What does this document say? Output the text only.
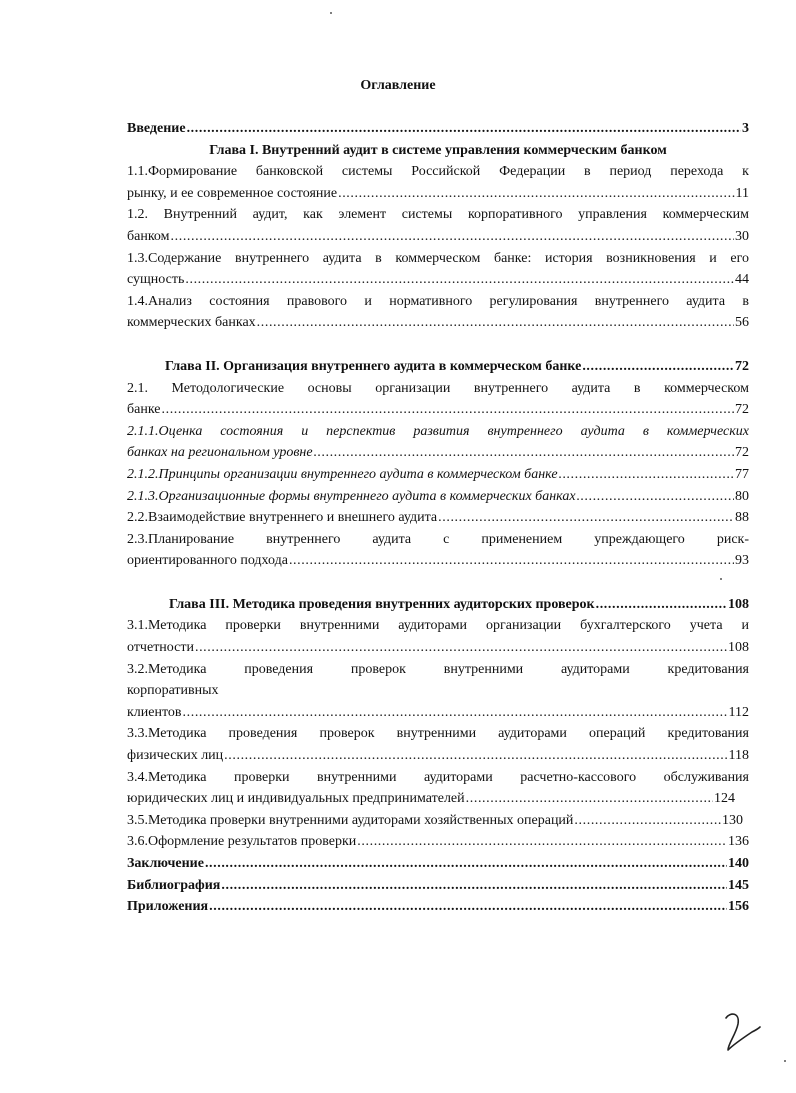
Оглавление
Введение .....	3
Глава I. Внутренний аудит в системе управления коммерческим банком
1.1.Формирование банковской системы Российской Федерации в период перехода к
рынку, и ее современное состояние .....	11
1.2. Внутренний аудит, как элемент системы корпоративного управления коммерческим
банком .....	30
1.3.Содержание внутреннего аудита в коммерческом банке: история возникновения и его
сущность .....	44
1.4.Анализ состояния правового и нормативного регулирования внутреннего аудита в
коммерческих банках .....	56
Глава II. Организация внутреннего аудита в коммерческом банке .....	72
2.1. Методологические основы организации внутреннего аудита в коммерческом
банке .....	72
2.1.1.Оценка состояния и перспектив развития внутреннего аудита в коммерческих
банках на региональном уровне .....	72
2.1.2.Принципы организации внутреннего аудита в коммерческом банке .....	77
2.1.3.Организационные формы внутреннего аудита в коммерческих банках .....	80
2.2.Взаимодействие внутреннего и внешнего аудита .....	88
2.3.Планирование внутреннего аудита с применением упреждающего риск-
ориентированного подхода .....	93
Глава III. Методика проведения внутренних аудиторских проверок .....	108
3.1.Методика проверки внутренними аудиторами организации бухгалтерского учета и
отчетности .....	108
3.2.Методика проведения проверок внутренними аудиторами кредитования
корпоративных
клиентов .....	112
3.3.Методика проведения проверок внутренними аудиторами операций кредитования
физических лиц .....	118
3.4.Методика проверки внутренними аудиторами расчетно-кассового обслуживания
юридических лиц и индивидуальных предпринимателей .....	124
3.5.Методика проверки внутренними аудиторами хозяйственных операций .....	130
3.6.Оформление результатов проверки .....	136
Заключение .....	140
Библиография .....	145
Приложения .....	156
